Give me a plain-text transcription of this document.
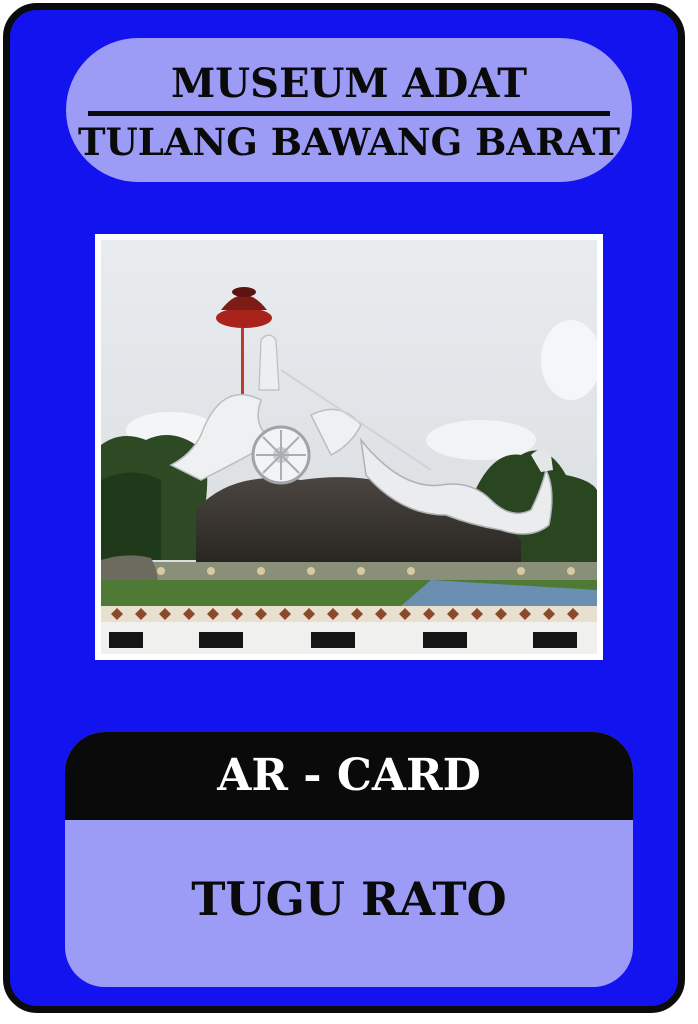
MUSEUM ADAT
TULANG BAWANG BARAT
AR - CARD
TUGU RATO
